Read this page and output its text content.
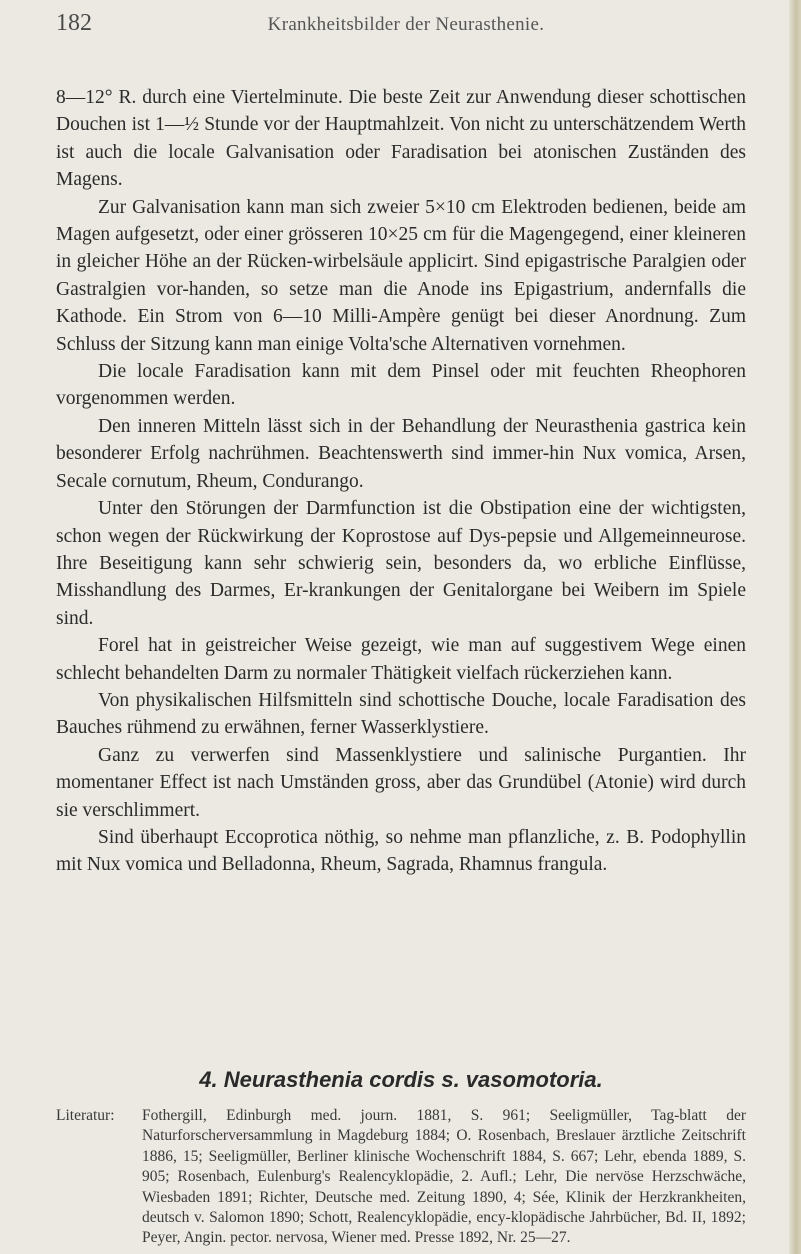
182	Krankheitsbilder der Neurasthenie.

8—12° R. durch eine Viertelminute. Die beste Zeit zur Anwendung dieser schottischen Douchen ist 1—½ Stunde vor der Hauptmahlzeit. Von nicht zu unterschätzendem Werth ist auch die locale Galvanisation oder Faradisation bei atonischen Zuständen des Magens.

Zur Galvanisation kann man sich zweier 5×10 cm Elektroden bedienen, beide am Magen aufgesetzt, oder einer grösseren 10×25 cm für die Magengegend, einer kleineren in gleicher Höhe an der Rücken-wirbelsäule applicirt. Sind epigastrische Paralgien oder Gastralgien vor-handen, so setze man die Anode ins Epigastrium, andernfalls die Kathode. Ein Strom von 6—10 Milli-Ampère genügt bei dieser Anordnung. Zum Schluss der Sitzung kann man einige Volta'sche Alternativen vornehmen.

Die locale Faradisation kann mit dem Pinsel oder mit feuchten Rheophoren vorgenommen werden.

Den inneren Mitteln lässt sich in der Behandlung der Neurasthenia gastrica kein besonderer Erfolg nachrühmen. Beachtenswerth sind immer-hin Nux vomica, Arsen, Secale cornutum, Rheum, Condurango.

Unter den Störungen der Darmfunction ist die Obstipation eine der wichtigsten, schon wegen der Rückwirkung der Koprostose auf Dys-pepsie und Allgemeinneurose. Ihre Beseitigung kann sehr schwierig sein, besonders da, wo erbliche Einflüsse, Misshandlung des Darmes, Er-krankungen der Genitalorgane bei Weibern im Spiele sind.

Forel hat in geistreicher Weise gezeigt, wie man auf suggestivem Wege einen schlecht behandelten Darm zu normaler Thätigkeit vielfach rückerziehen kann.

Von physikalischen Hilfsmitteln sind schottische Douche, locale Faradisation des Bauches rühmend zu erwähnen, ferner Wasserklystiere.

Ganz zu verwerfen sind Massenklystiere und salinische Purgantien. Ihr momentaner Effect ist nach Umständen gross, aber das Grundübel (Atonie) wird durch sie verschlimmert.

Sind überhaupt Eccoprotica nöthig, so nehme man pflanzliche, z. B. Podophyllin mit Nux vomica und Belladonna, Rheum, Sagrada, Rhamnus frangula.

4. Neurasthenia cordis s. vasomotoria.
Literatur: Fothergill, Edinburgh med. journ. 1881, S. 961; Seeligmüller, Tag-blatt der Naturforscherversammlung in Magdeburg 1884; O. Rosenbach, Breslauer ärztliche Zeitschrift 1886, 15; Seeligmüller, Berliner klinische Wochenschrift 1884, S. 667; Lehr, ebenda 1889, S. 905; Rosenbach, Eulenburg's Realencyklopädie, 2. Aufl.; Lehr, Die nervöse Herzschwäche, Wiesbaden 1891; Richter, Deutsche med. Zeitung 1890, 4; Sée, Klinik der Herzkrankheiten, deutsch v. Salomon 1890; Schott, Realencyklopädie, ency-klopädische Jahrbücher, Bd. II, 1892; Peyer, Angin. pector. nervosa, Wiener med. Presse 1892, Nr. 25—27.
